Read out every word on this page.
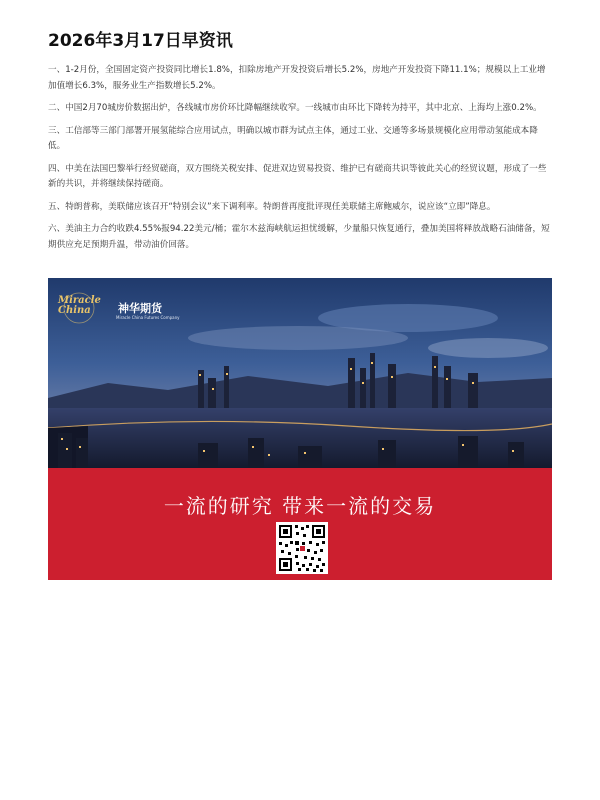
2026年3月17日早资讯

一、1-2月份，全国固定资产投资同比增长1.8%，扣除房地产开发投资后增长5.2%，房地产开发投资下降11.1%；规模以上工业增加值增长6.3%，服务业生产指数增长5.2%。

二、中国2月70城房价数据出炉，各线城市房价环比降幅继续收窄。一线城市由环比下降转为持平，其中北京、上海均上涨0.2%。

三、工信部等三部门部署开展氢能综合应用试点，明确以城市群为试点主体，通过工业、交通等多场景规模化应用带动氢能成本降低。

四、中美在法国巴黎举行经贸磋商，双方围绕关税安排、促进双边贸易投资、维护已有磋商共识等彼此关心的经贸议题，形成了一些新的共识，并将继续保持磋商。

五、特朗普称，美联储应该召开“特别会议”来下调利率。特朗普再度批评现任美联储主席鲍威尔，说应该“立即”降息。

六、美油主力合约收跌4.55%报94.22美元/桶；霍尔木兹海峡航运担忧缓解，少量船只恢复通行，叠加美国将释放战略石油储备，短期供应充足预期升温，带动油价回落。

Miracle China	神华期货
Miracle China Futures Company
一流的研究 带来一流的交易
